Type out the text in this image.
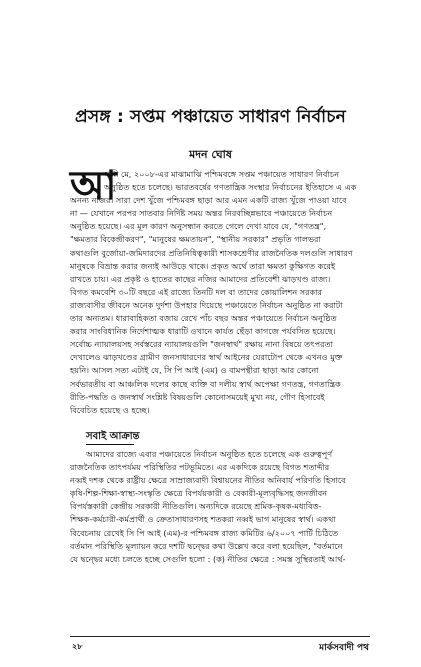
প্রসঙ্গ : সপ্তম পঞ্চায়েত সাধারণ নির্বাচন
মদন ঘোষ
আ
গামী মে, ২০০৮-এর মাঝামাঝি পশ্চিমবঙ্গে সপ্তম পঞ্চায়েত সাধারণ নির্বাচন
অনুষ্ঠিত হতে চলেছে। ভারতবর্ষের গণতান্ত্রিক সংস্থার নির্বাচনের ইতিহাসে এ এক
অনন্য নজির। সারা দেশ খুঁজে পশ্চিমবঙ্গ ছাড়া আর এমন একটি রাজ্য খুঁজে পাওয়া যাবে
না — যেখানে পরপর সাতবার নির্দিষ্ট সময় অন্তর নিরবচ্ছিন্নভাবে পঞ্চায়েতে নির্বাচন
অনুষ্ঠিত হয়েছে। এর মূল কারণ অনুসন্ধান করতে গেলে দেখা যাবে যে, "গণতন্ত্র",
"ক্ষমতার বিকেন্দ্রীকরণ", "মানুষের ক্ষমতায়ন", "স্থানীয় সরকার" প্রভৃতি গালভরা
কথাগুলি বুর্জোয়া-জমিদারদের প্রতিনিধিত্বকারী শাসকশ্রেণীর রাজনৈতিক দলগুলি সাধারণ
মানুষকে বিভ্রান্ত করার জন্যই আউড়ে থাকে। প্রকৃত অর্থে তারা ক্ষমতা কুক্ষিগত করেই
রাখতে চায়। এর প্রকৃষ্ট ও হাতের কাছের নজির আমাদের প্রতিবেশী ঝাড়খণ্ড রাজ্য।
বিগত কমবেশি ৩০টি বছরে এই রাজ্যে তিনটি দল বা তাদের কোয়ালিশন সরকার
রাজ্যবাসীর জীবনে অনেক দুর্দশা উপহার দিয়েছে পঞ্চায়েতে নির্বাচন অনুষ্ঠিত না করাটা
তার অন্যতম। ধারাবাহিকতা বজায় রেখে পাঁচ বছর অন্তর পঞ্চায়েতে নির্বাচন অনুষ্ঠিত
করার সাংবিধানিক নির্দেশাত্মক ধারাটি ওখানে কার্যত ছেঁড়া কাগজে পর্যবসিত হয়েছে।
সর্বোচ্চ ন্যায়ালয়সহ সর্বস্তরের ন্যায়ালয়গুলি "জনস্বার্থ" রক্ষায় নানা বিষয়ে তৎপরতা
দেখালেও ঝাড়খণ্ডের গ্রামীণ জনসাধারণের স্বার্থ আইনের যেরাটোপ থেকে এখনও মুক্ত
হয়নি। আসল সত্য এটাই যে, সি পি আই (এম) ও বামপন্থীরা ছাড়া আর কোনো
সর্বভারতীয় বা আঞ্চলিক দলের কাছে ব্যক্তি বা দলীয় স্বার্থ অপেক্ষা গণতন্ত্র, গণতান্ত্রিক
রীতি-পদ্ধতি ও জনস্বার্থ সংশ্লিষ্ট বিষয়গুলি কোনোসময়েই মুখ্য নয়, গৌণ হিসাবেই
বিবেচিত হয়েছে ও হচ্ছে।
সবাই আক্রান্ত
আমাদের রাজ্যে এবার পঞ্চায়েতে নির্বাচন অনুষ্ঠিত হতে চলেছে এক গুরুত্বপূর্ণ
রাজনৈতিক তাৎপর্যময় পরিস্থিতির পটভূমিতে। এর একদিকে রয়েছে বিগত শতাব্দীর
নব্বই দশক থেকে রাষ্ট্রীয় ক্ষেত্রে সাম্রাজ্যবাদী বিশ্বায়নের নীতির অনিবার্য পরিণতি হিসাবে
কৃষি-শিল্প-শিক্ষা-স্বাস্থ্য-সংস্কৃতি ক্ষেত্রে বিপর্যয়কারী ও বেকারী-মূল্যবৃদ্ধিসহ জনজীবন
বিপর্যস্তকারী কেন্দ্রীয় সরকারী নীতিগুলি। অন্যদিকে রয়েছে শ্রমিক-কৃষক-মধ্যবিত্ত-
শিক্ষক-কর্মচারী-কর্মপ্রার্থী ও ক্রেতাসাধারণসহ শতকরা নব্বই ভাগ মানুষের স্বার্থ। একথা
বিবেচনায় রেখেই সি পি আই (এম)-র পশ্চিমবঙ্গ রাজ্য কমিটির ৬/২০০৭ পার্টি চিঠিতে
বর্তমান পরিস্থিতি মূল্যায়ন করে দশটি দ্বন্দ্বের কথা উল্লেখ করে বলা হয়েছিল, "বর্তমানে
যে দ্বন্দ্বের মধ্যে চলতে হচ্ছে সেগুলি হলো : (ক) নীতির ক্ষেত্রে : সমস্ত সুস্থিরতাই আর্থ-
২৮	মার্কসবাদী পথ
